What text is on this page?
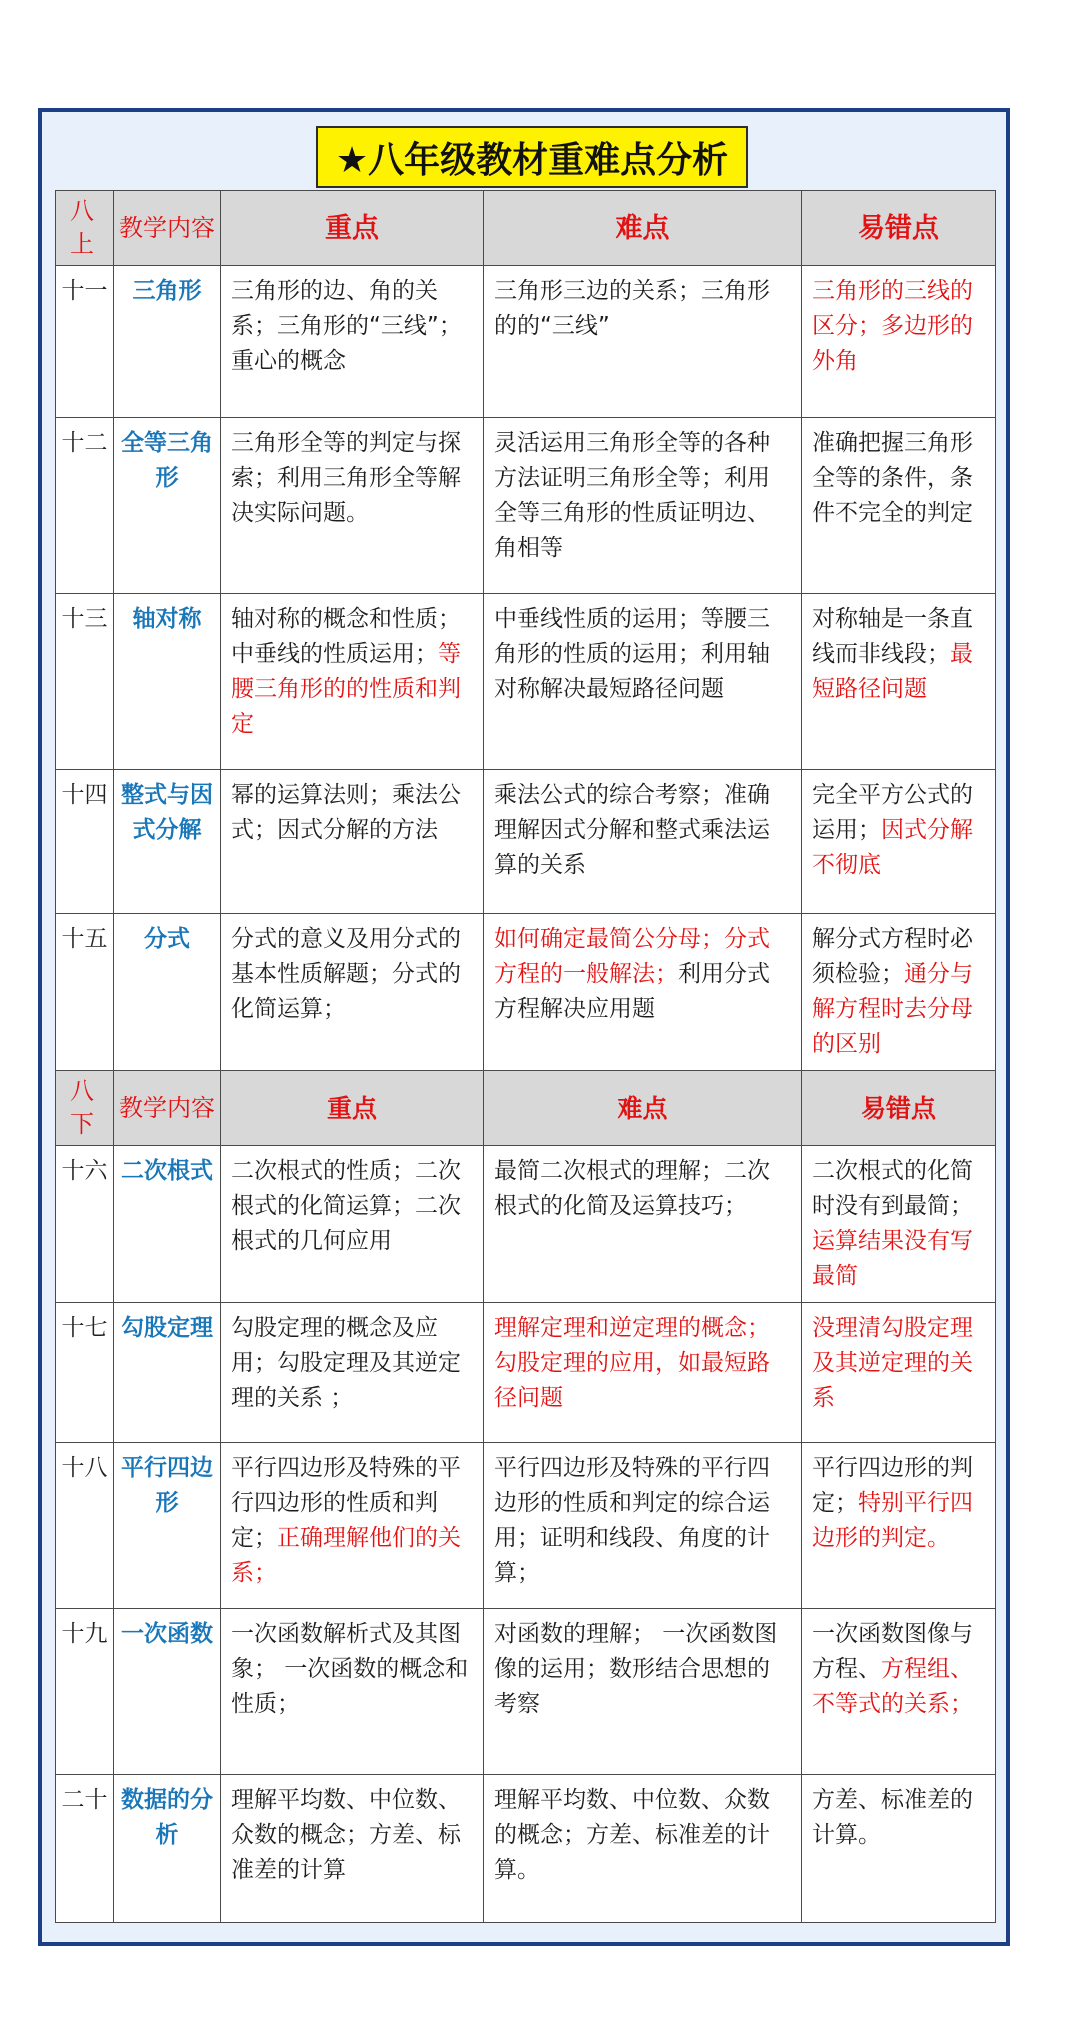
★八年级教材重难点分析
八上	教学内容	重点	难点	易错点
十一	三角形	三角形的边、角的关系；三角形的“三线”；重心的概念	三角形三边的关系；三角形的的“三线”	三角形的三线的区分；多边形的外角
十二	全等三角形	三角形全等的判定与探索；利用三角形全等解决实际问题。	灵活运用三角形全等的各种方法证明三角形全等；利用全等三角形的性质证明边、角相等	准确把握三角形全等的条件，条件不完全的判定
十三	轴对称	轴对称的概念和性质；中垂线的性质运用；等腰三角形的的性质和判定	中垂线性质的运用；等腰三角形的性质的运用；利用轴对称解决最短路径问题	对称轴是一条直线而非线段；最短路径问题
十四	整式与因式分解	幂的运算法则；乘法公式；因式分解的方法	乘法公式的综合考察；准确理解因式分解和整式乘法运算的关系	完全平方公式的运用；因式分解不彻底
十五	分式	分式的意义及用分式的基本性质解题；分式的化简运算；	如何确定最简公分母；分式方程的一般解法；利用分式方程解决应用题	解分式方程时必须检验；通分与解方程时去分母的区别
八下	教学内容	重点	难点	易错点
十六	二次根式	二次根式的性质；二次根式的化简运算；二次根式的几何应用	最简二次根式的理解；二次根式的化简及运算技巧；	二次根式的化简时没有到最简；运算结果没有写最简
十七	勾股定理	勾股定理的概念及应用；勾股定理及其逆定理的关系 ；	理解定理和逆定理的概念；勾股定理的应用，如最短路径问题	没理清勾股定理及其逆定理的关系
十八	平行四边形	平行四边形及特殊的平行四边形的性质和判定；正确理解他们的关系；	平行四边形及特殊的平行四边形的性质和判定的综合运用；证明和线段、角度的计算；	平行四边形的判定；特别平行四边形的判定。
十九	一次函数	一次函数解析式及其图象； 一次函数的概念和性质；	对函数的理解； 一次函数图像的运用；数形结合思想的考察	一次函数图像与方程、方程组、不等式的关系；
二十	数据的分析	理解平均数、中位数、众数的概念；方差、标准差的计算	理解平均数、中位数、众数的概念；方差、标准差的计算。	方差、标准差的计算。
